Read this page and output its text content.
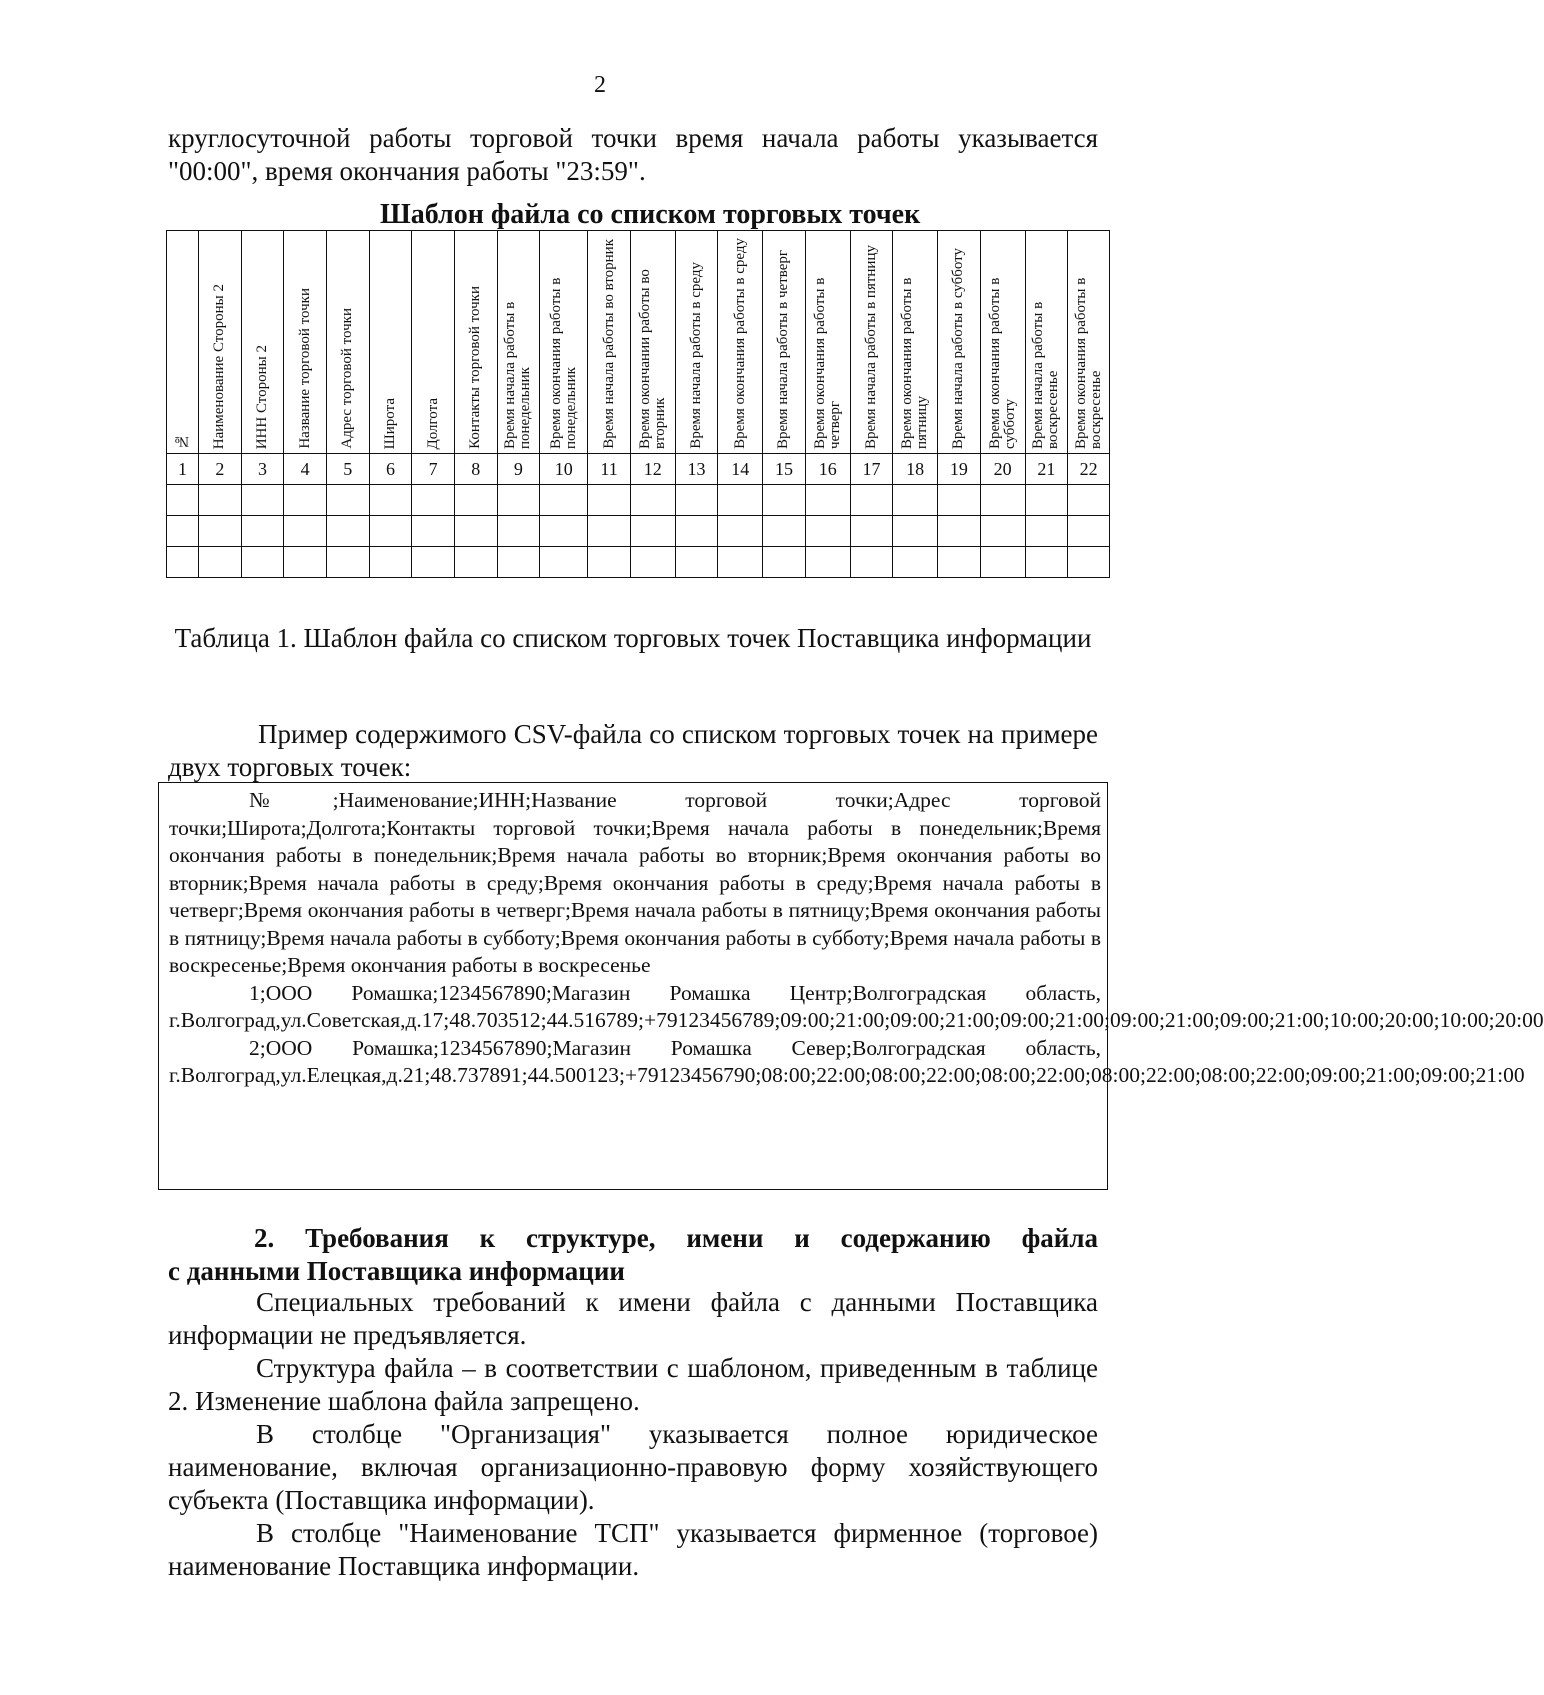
2
круглосуточной работы торговой точки время начала работы указывается "00:00", время окончания работы "23:59".
Шаблон файла со списком торговых точек
№	Наименование Стороны 2	ИНН Стороны 2	Название торговой точки	Адрес торговой точки	Широта	Долгота	Контакты торговой точки	Время начала работы в понедельник	Время окончания работы в понедельник	Время начала работы во вторник	Время окончании работы во вторник	Время начала работы в среду	Время окончания работы в среду	Время начала работы в четверг	Время окончания работы в четверг	Время начала работы в пятницу	Время окончания работы в пятницу	Время начала работы в субботу	Время окончания работы в субботу	Время начала работы в воскресенье	Время окончания работы в воскресенье

1	2	3	4	5	6	7	8	9	10	11	12	13	14	15	16	17	18	19	20	21	22

Таблица 1. Шаблон файла со списком торговых точек Поставщика информации
Пример содержимого CSV-файла со списком торговых точек на примере двух торговых точек:

№;Наименование;ИНН;Название торговой точки;Адрес торговой точки;Широта;Долгота;Контакты торговой точки;Время начала работы в понедельник;Время окончания работы в понедельник;Время начала работы во вторник;Время окончания работы во вторник;Время начала работы в среду;Время окончания работы в среду;Время начала работы в четверг;Время окончания работы в четверг;Время начала работы в пятницу;Время окончания работы в пятницу;Время начала работы в субботу;Время окончания работы в субботу;Время начала работы в воскресенье;Время окончания работы в воскресенье

1;ООО Ромашка;1234567890;Магазин Ромашка Центр;Волгоградская область, г.Волгоград,ул.Советская,д.17;48.703512;44.516789;+79123456789;09:00;21:00;09:00;21:00;09:00;21:00;09:00;21:00;09:00;21:00;10:00;20:00;10:00;20:00

2;ООО Ромашка;1234567890;Магазин Ромашка Север;Волгоградская область, г.Волгоград,ул.Елецкая,д.21;48.737891;44.500123;+79123456790;08:00;22:00;08:00;22:00;08:00;22:00;08:00;22:00;08:00;22:00;09:00;21:00;09:00;21:00

2. Требования к структуре, имени и содержанию файла
с данными Поставщика информации

Специальных требований к имени файла с данными Поставщика информации не предъявляется.

Структура файла – в соответствии с шаблоном, приведенным в таблице 2. Изменение шаблона файла запрещено.

В столбце "Организация" указывается полное юридическое наименование, включая организационно-правовую форму хозяйствующего субъекта (Поставщика информации).

В столбце "Наименование ТСП" указывается фирменное (торговое) наименование Поставщика информации.
